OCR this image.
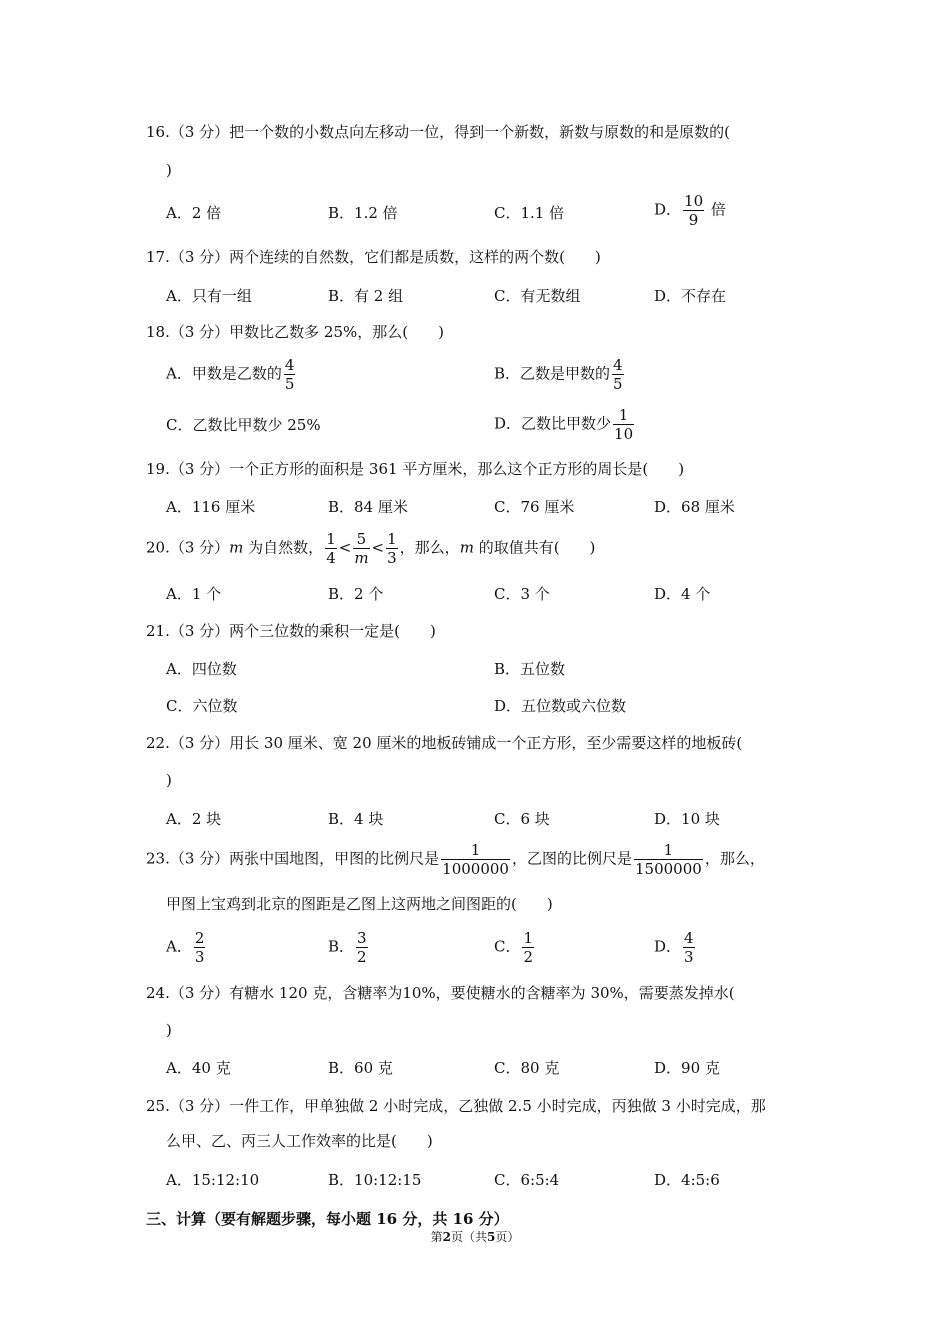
16.（3 分）把一个数的小数点向左移动一位，得到一个新数，新数与原数的和是原数的(
)
A．2 倍	B．1.2 倍	C．1.1 倍	D． $\frac{10}{9}$ 倍
17.（3 分）两个连续的自然数，它们都是质数，这样的两个数(　　)
A．只有一组	B．有 2 组	C．有无数组	D．不存在
18.（3 分）甲数比乙数多 25%，那么(　　)
A．甲数是乙数的 $\frac{4}{5}$	B．乙数是甲数的 $\frac{4}{5}$
C．乙数比甲数少 25%	D．乙数比甲数少 $\frac{1}{10}$
19.（3 分）一个正方形的面积是 361 平方厘米，那么这个正方形的周长是(　　)
A．116 厘米	B．84 厘米	C．76 厘米	D．68 厘米
20.（3 分）m 为自然数， $\frac{1}{4} < \frac{5}{m} < \frac{1}{3}$ ，那么，m 的取值共有(　　)
A．1 个	B．2 个	C．3 个	D．4 个
21.（3 分）两个三位数的乘积一定是(　　)
A．四位数	B．五位数
C．六位数	D．五位数或六位数
22.（3 分）用长 30 厘米、宽 20 厘米的地板砖铺成一个正方形，至少需要这样的地板砖(
)
A．2 块	B．4 块	C．6 块	D．10 块
23.（3 分）两张中国地图，甲图的比例尺是 $\frac{1}{1000000}$ ，乙图的比例尺是 $\frac{1}{1500000}$ ，那么，
甲图上宝鸡到北京的图距是乙图上这两地之间图距的(　　)
A． $\frac{2}{3}$	B． $\frac{3}{2}$	C． $\frac{1}{2}$	D． $\frac{4}{3}$
24.（3 分）有糖水 120 克，含糖率为10%，要使糖水的含糖率为 30%，需要蒸发掉水(
)
A．40 克	B．60 克	C．80 克	D．90 克
25.（3 分）一件工作，甲单独做 2 小时完成，乙独做 2.5 小时完成，丙独做 3 小时完成，那
么甲、乙、丙三人工作效率的比是(　　)
A．15:12:10	B．10:12:15	C．6:5:4	D．4:5:6
三、计算（要有解题步骤，每小题 16 分，共 16 分）
第2页（共5页）
